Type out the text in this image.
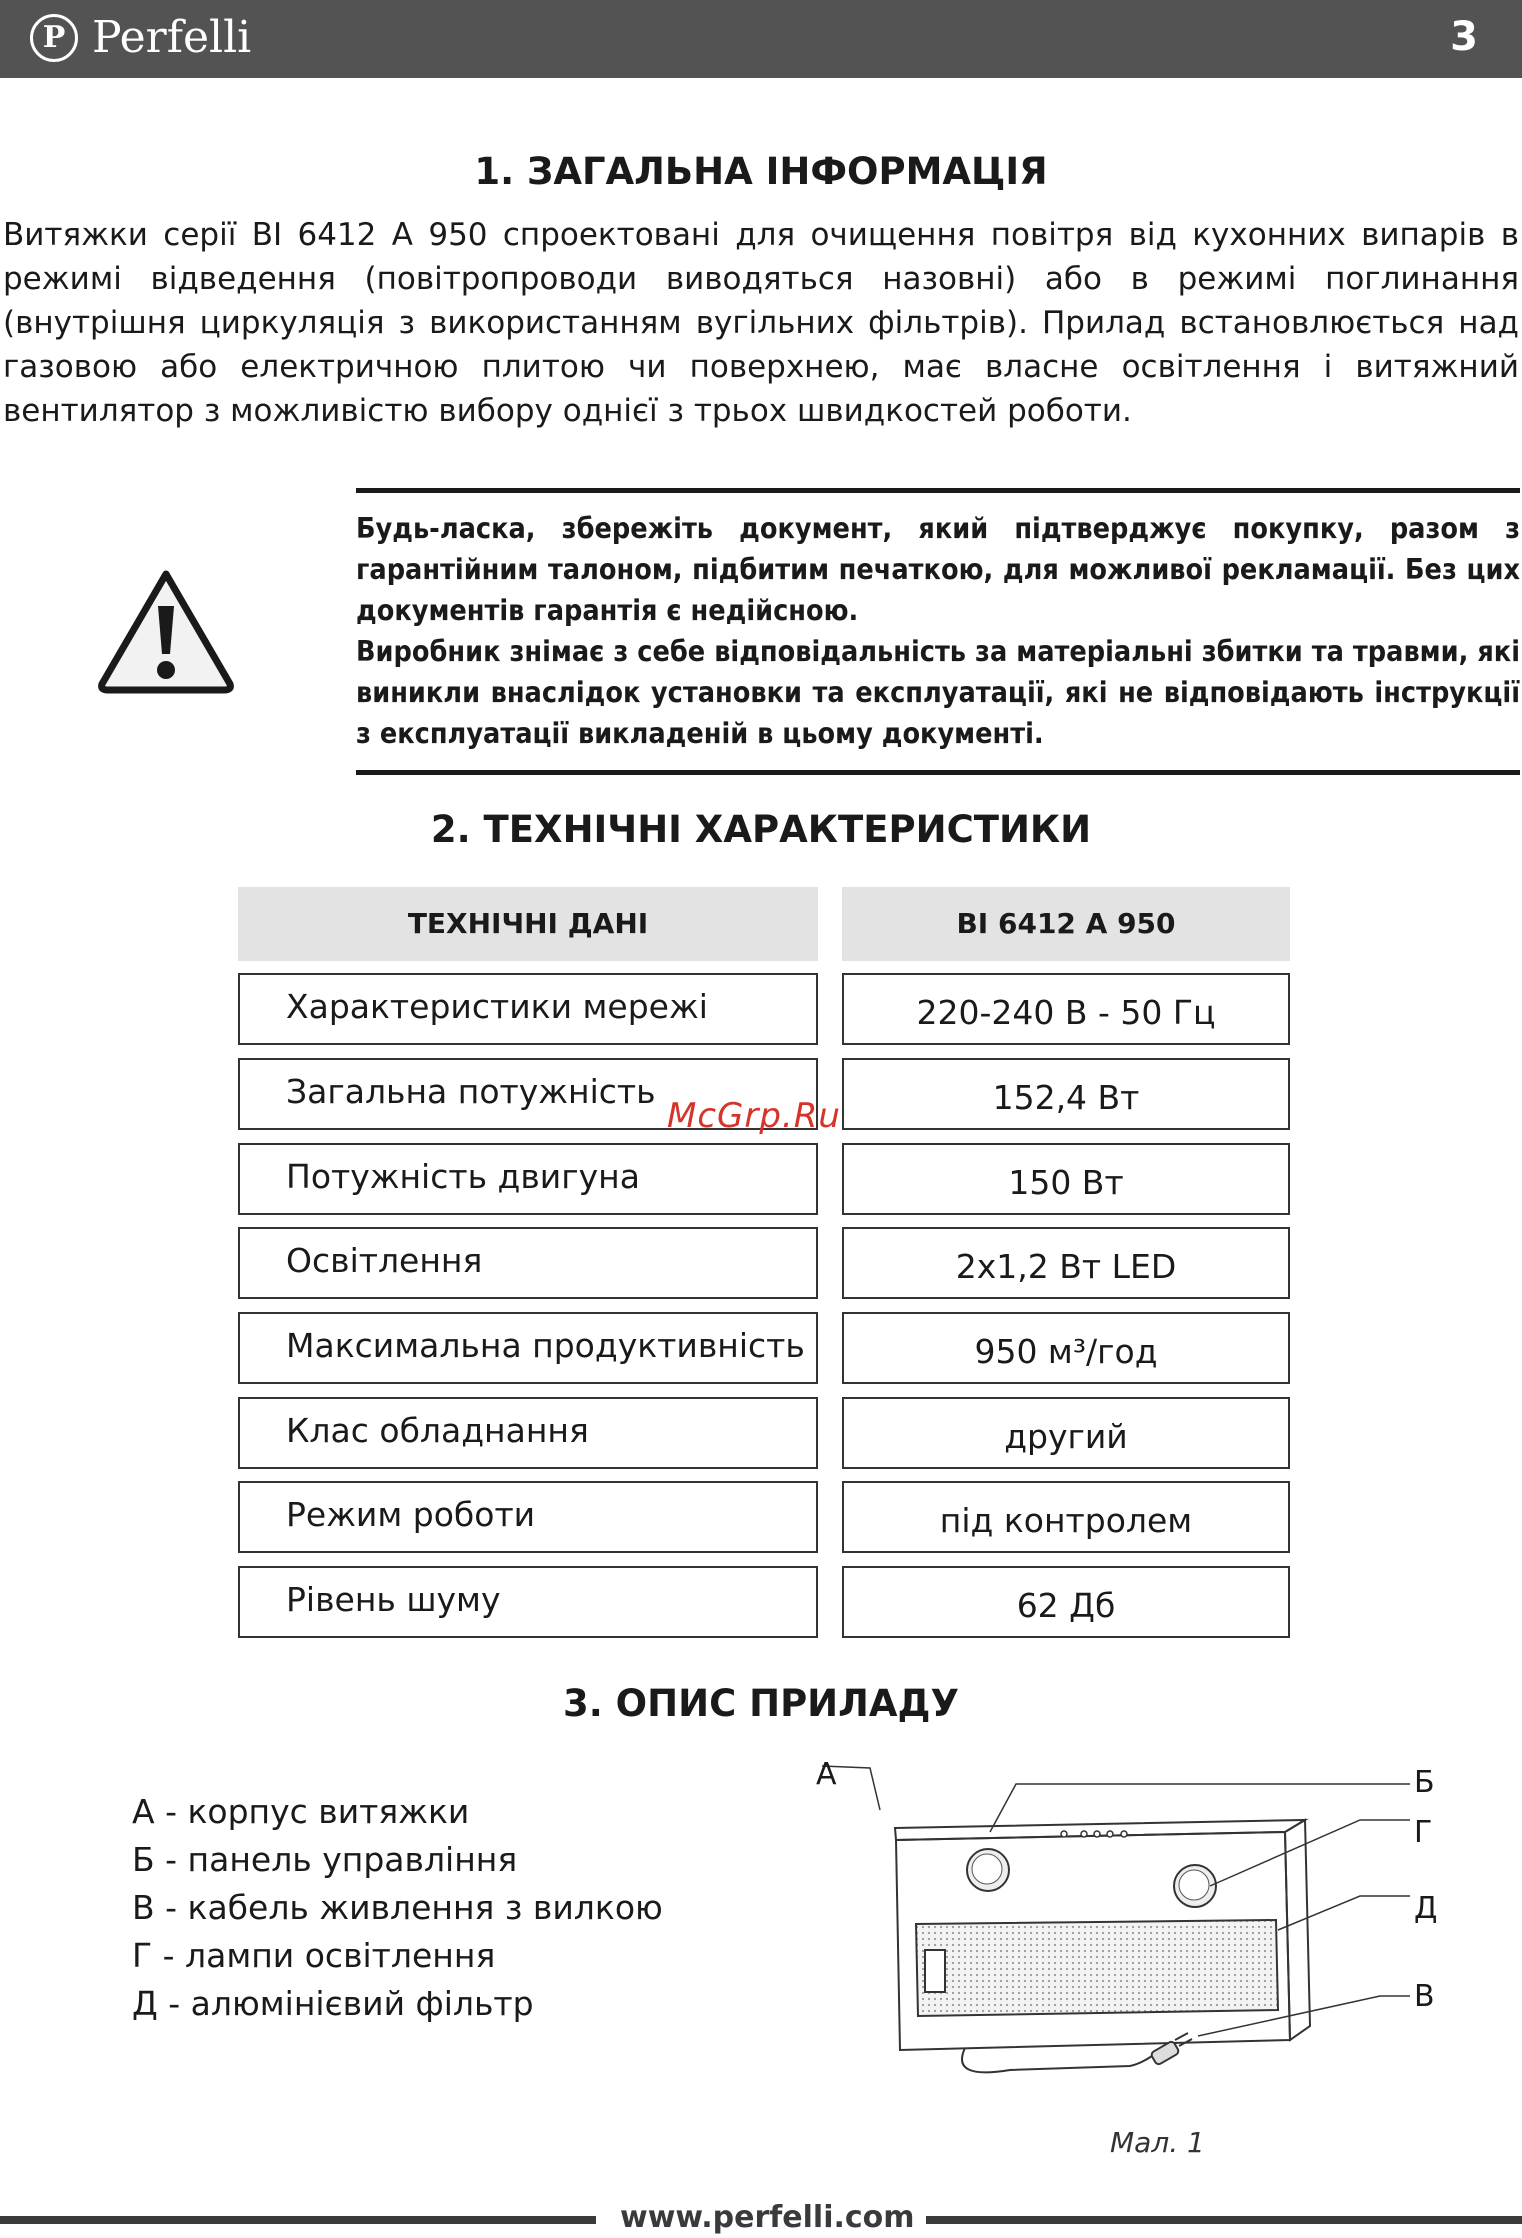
P Perfelli	3
1. ЗАГАЛЬНА ІНФОРМАЦІЯ
Витяжки серії BI 6412 A 950 спроектовані для очищення повітря від кухонних випарів в режимі відведення (повітропроводи виводяться назовні) або в режимі поглинання (внутрішня циркуляція з використанням вугільних фільтрів). Прилад встановлюється над газовою або електричною плитою чи поверхнею, має власне освітлення і витяжний вентилятор з можливістю вибору однієї з трьох швидкостей роботи.

Будь-ласка, збережіть документ, який підтверджує покупку, разом з гарантійним талоном, підбитим печаткою, для можливої рекламації. Без цих документів гарантія є недійсною.

Виробник знімає з себе відповідальність за матеріальні збитки та травми, які виникли внаслідок установки та експлуатації, які не відповідають інструкції з експлуатації викладеній в цьому документі.

2. ТЕХНІЧНІ ХАРАКТЕРИСТИКИ
ТЕХНІЧНІ ДАНІ	BI 6412 A 950
Характеристики мережі	220-240 В - 50 Гц
Загальна потужність	152,4 Вт
Потужність двигуна	150 Вт
Освітлення	2х1,2 Вт LED
Максимальна продуктивність	950 м³/год
Клас обладнання	другий
Режим роботи	під контролем
Рівень шуму	62 Дб
McGrp.Ru
3. ОПИС ПРИЛАДУ
А - корпус витяжки
Б - панель управління
В - кабель живлення з вилкою
Г - лампи освітлення
Д - алюмінієвий фільтр
А	Б
Г
Д
В
Мал. 1
www.perfelli.com
